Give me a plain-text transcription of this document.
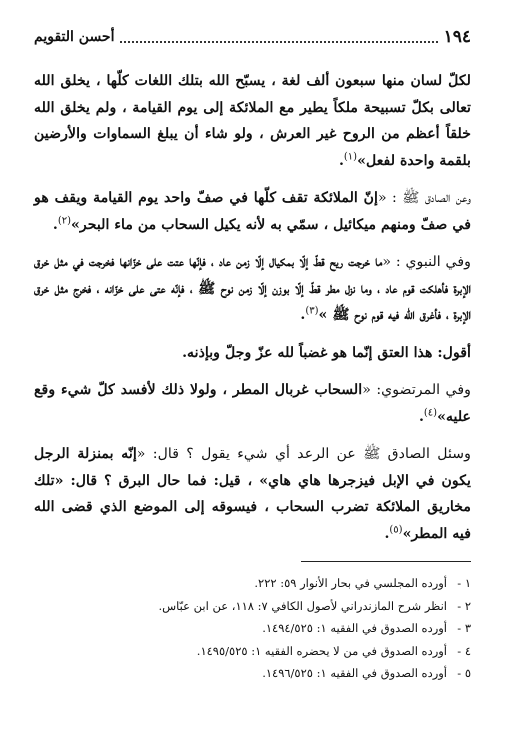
١٩٤
أحسن التقويم

لكلّ لسان منها سبعون ألف لغة ، يسبّح الله بتلك اللغات كلّها ، يخلق الله تعالى بكلّ تسبيحة ملكاً يطير مع الملائكة إلى يوم القيامة ، ولم يخلق الله خلقاً أعظم من الروح غير العرش ، ولو شاء أن يبلغ السماوات والأرضين بلقمة واحدة لفعل»$^{(١)}$.

وعن الصادق ﷺ : «إنّ الملائكة تقف كلّها في صفّ واحد يوم القيامة ويقف هو في صفّ ومنهم ميكائيل ، سمّي به لأنه يكيل السحاب من ماء البحر»$^{(٢)}$.

وفي النبوي : «ما خرجت ريح قطّ إلّا بمكيال إلّا زمن عاد ، فإنّها عتت على خزّانها فخرجت في مثل خرق الإبرة فأهلكت قوم عاد ، وما نزل مطر قطّ إلّا بوزن إلّا زمن نوح ﷺ ، فإنّه عتى على خزّانه ، فخرج مثل خرق الإبرة ، فأغرق الله فيه قوم نوح ﷺ »$^{(٣)}$.

أقول: هذا العتق إنّما هو غضباً لله عزّ وجلّ وبإذنه.

وفي المرتضوي: «السحاب غربال المطر ، ولولا ذلك لأفسد كلّ شيء وقع عليه»$^{(٤)}$.

وسئل الصادق ﷺ عن الرعد أي شيء يقول ؟ قال: «إنّه بمنزلة الرجل يكون في الإبل فيزجرها هاي هاي» ، قيل: فما حال البرق ؟ قال: «تلك مخاريق الملائكة تضرب السحاب ، فيسوقه إلى الموضع الذي قضى الله فيه المطر»$^{(٥)}$.

١ -
أورده المجلسي في بحار الأنوار ٥٩: ٢٢٢.
٢ -
انظر شرح المازندراني لأصول الكافي ٧: ١١٨، عن ابن عبّاس.
٣ -
أورده الصدوق في الفقيه ١: ١٤٩٤/٥٢٥.
٤ -
أورده الصدوق في من لا يحضره الفقيه ١: ١٤٩٥/٥٢٥.
٥ -
أورده الصدوق في الفقيه ١: ١٤٩٦/٥٢٥.
